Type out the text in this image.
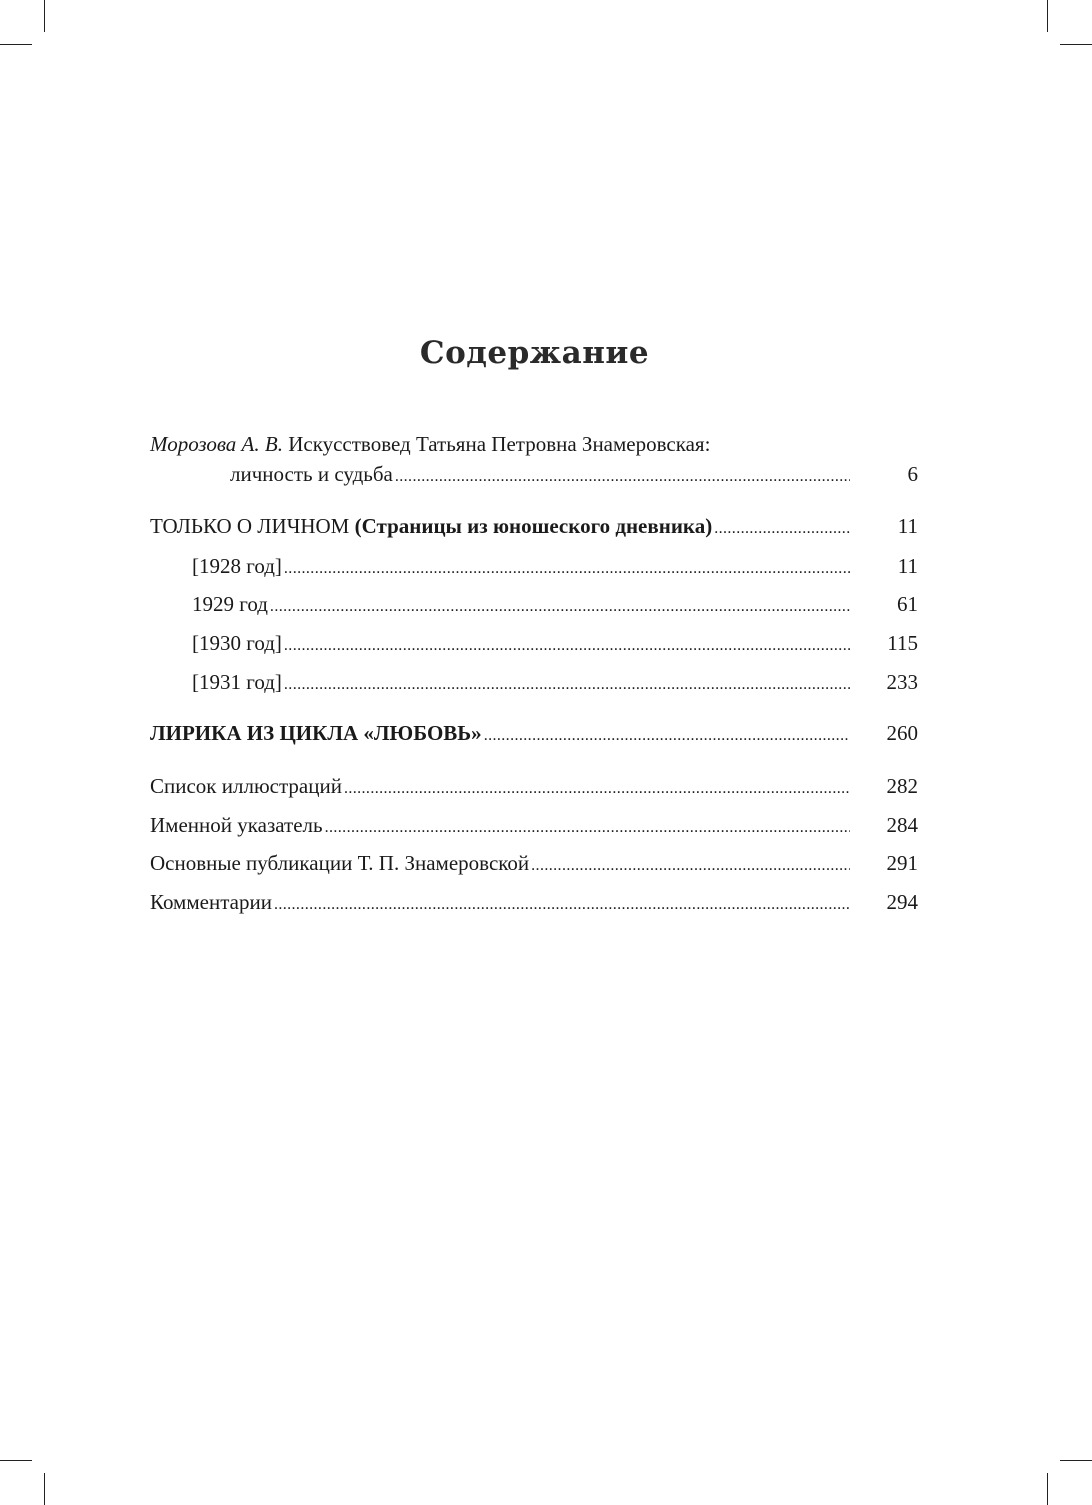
Содержание
Морозова А. В. Искусствовед Татьяна Петровна Знамеровская:
личность и судьба .....	6
ТОЛЬКО О ЛИЧНОМ (Страницы из юношеского дневника) .....	11
[1928 год] .....	11
1929 год .....	61
[1930 год] .....	115
[1931 год] .....	233
ЛИРИКА ИЗ ЦИКЛА «ЛЮБОВЬ» .....	260
Список иллюстраций .....	282
Именной указатель .....	284
Основные публикации Т. П. Знамеровской .....	291
Комментарии .....	294
